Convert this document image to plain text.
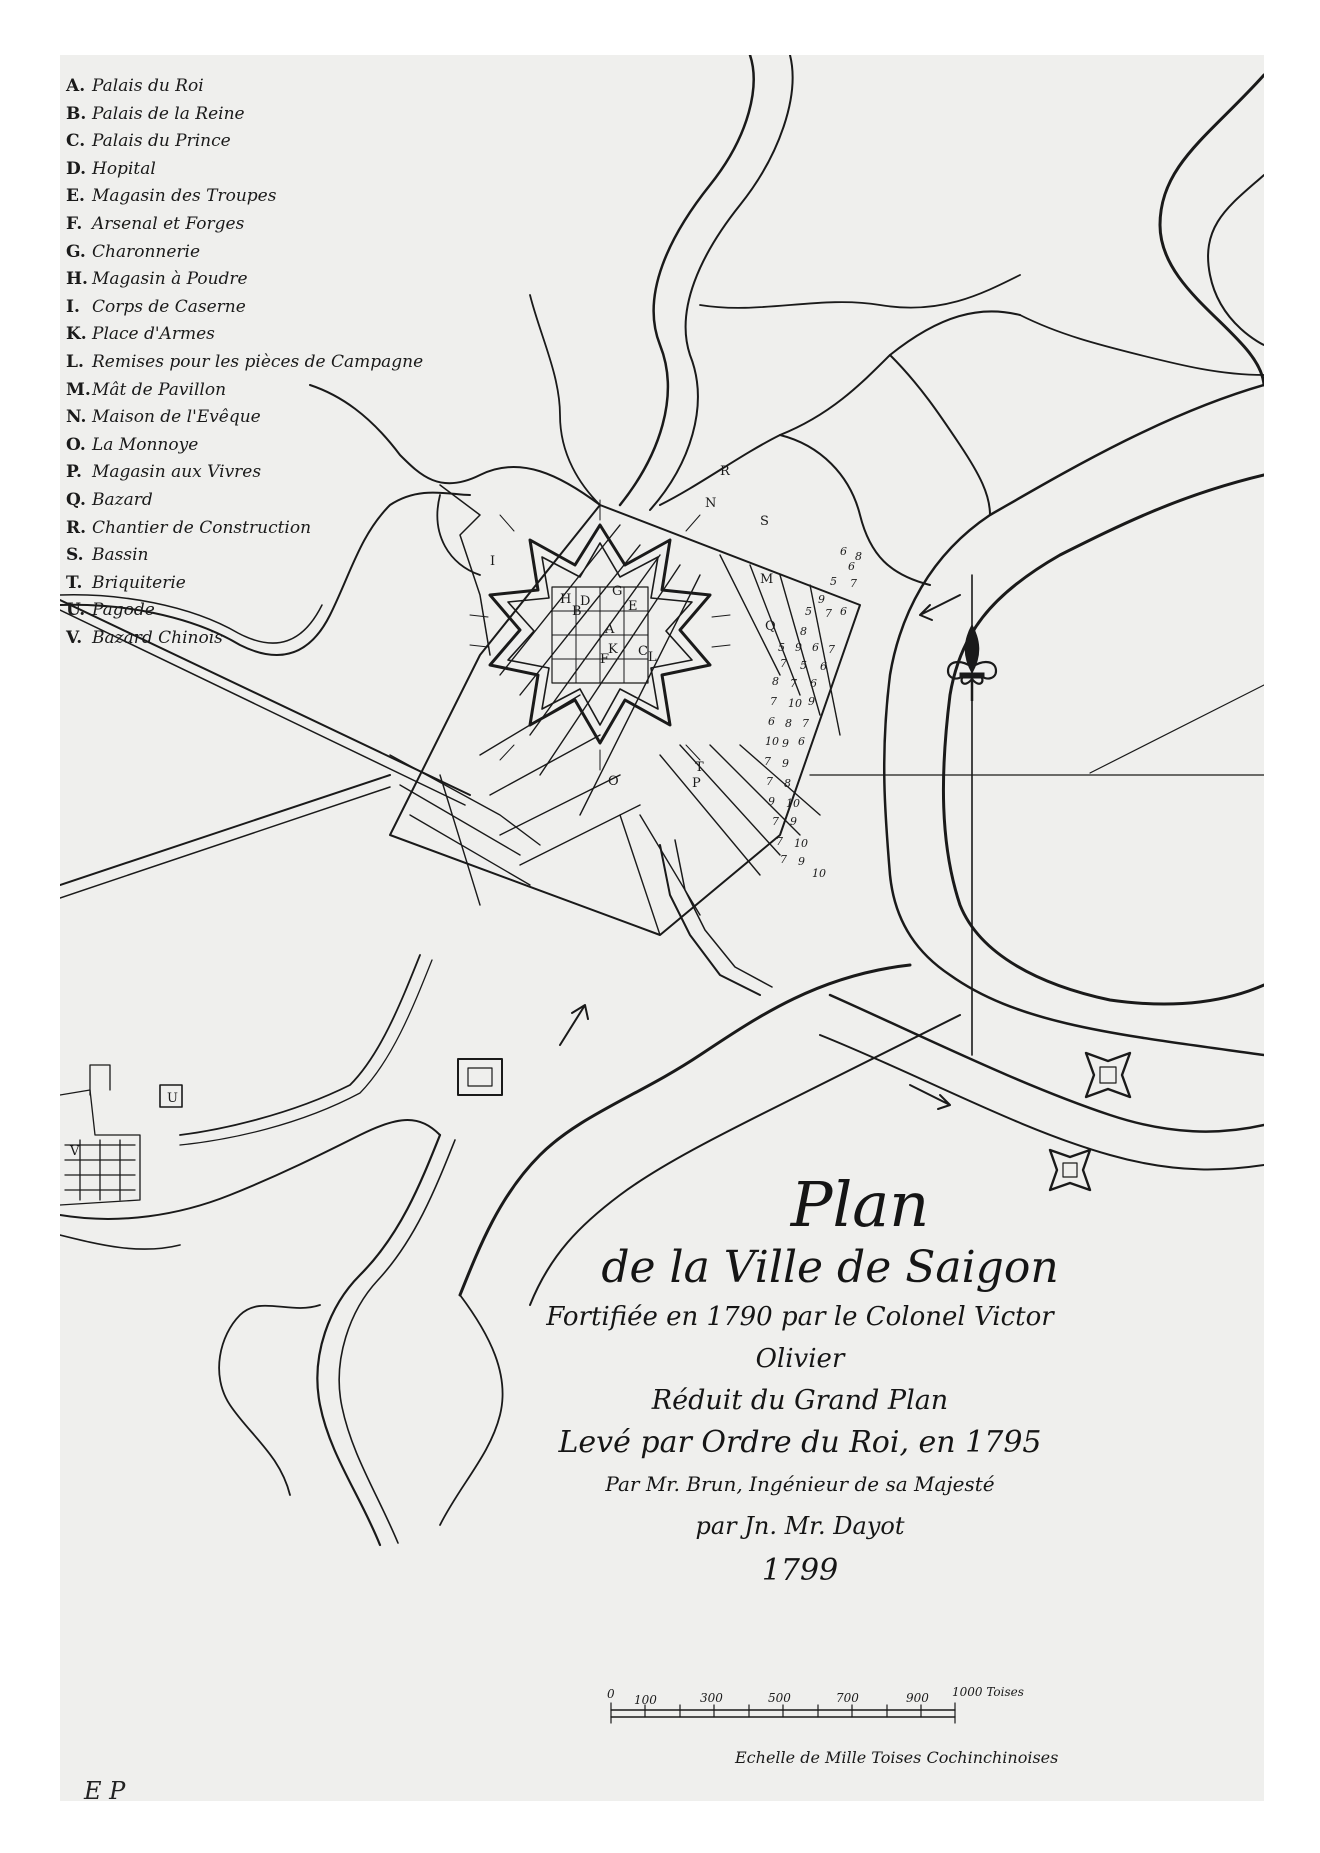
A
B
C
D	E
F
G
H
I
K
L
M
N
O	P
Q
R
S
T
U
V
6 8
6
5 7
9
5 7 6
8
5 9 6 7
7 5 6
8 7 6
7 10 9
6 8 7
10 9 6
7 9
7 8
9 10
7 9
7 10
7 9
10
A. Palais du Roi
B. Palais de la Reine
C. Palais du Prince
D. Hopital
E. Magasin des Troupes
F. Arsenal et Forges
G. Charonnerie
H. Magasin à Poudre
I. Corps de Caserne
K. Place d'Armes
L. Remises pour les pièces de Campagne
M.Mât de Pavillon
N. Maison de l'Evêque
O. La Monnoye
P. Magasin aux Vivres
Q. Bazard
R. Chantier de Construction
S. Bassin
T. Briquiterie
U. Pagode
V. Bazard Chinois
Plan
de la Ville de Saigon
Fortifiée en 1790 par le Colonel Victor Olivier
Réduit du Grand Plan
Levé par Ordre du Roi, en 1795
Par Mr. Brun, Ingénieur de sa Majesté
par Jn. Mr. Dayot
1799
0 100	300	500	700	900 1000 Toises
Echelle de Mille Toises Cochinchinoises
E P
